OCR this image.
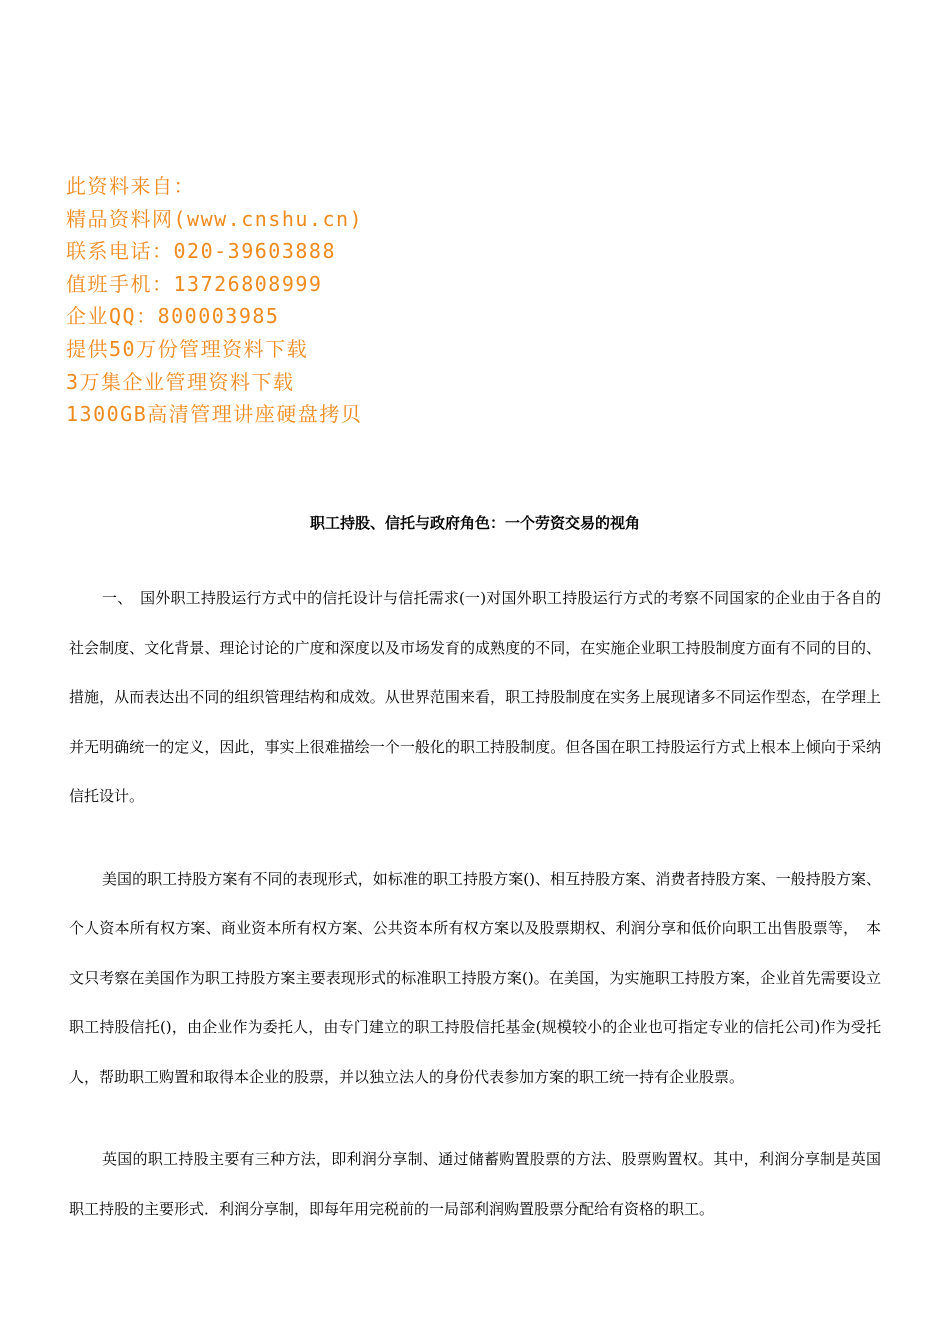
此资料来自：
精品资料网(www.cnshu.cn)
联系电话：020-39603888
值班手机：13726808999
企业QQ：800003985
提供50万份管理资料下载
3万集企业管理资料下载
1300GB高清管理讲座硬盘拷贝
职工持股、信托与政府角色：一个劳资交易的视角

一、　国外职工持股运行方式中的信托设计与信托需求(一)对国外职工持股运行方式的考察不同国家的企业由于各自的社会制度、文化背景、理论讨论的广度和深度以及市场发育的成熟度的不同，在实施企业职工持股制度方面有不同的目的、措施，从而表达出不同的组织管理结构和成效。从世界范围来看，职工持股制度在实务上展现诸多不同运作型态，在学理上并无明确统一的定义，因此，事实上很难描绘一个一般化的职工持股制度。但各国在职工持股运行方式上根本上倾向于采纳信托设计。

美国的职工持股方案有不同的表现形式，如标准的职工持股方案()、相互持股方案、消费者持股方案、一般持股方案、个人资本所有权方案、商业资本所有权方案、公共资本所有权方案以及股票期权、利润分享和低价向职工出售股票等，　本文只考察在美国作为职工持股方案主要表现形式的标准职工持股方案()。在美国，为实施职工持股方案，企业首先需要设立职工持股信托()，由企业作为委托人，由专门建立的职工持股信托基金(规模较小的企业也可指定专业的信托公司)作为受托人，帮助职工购置和取得本企业的股票，并以独立法人的身份代表参加方案的职工统一持有企业股票。

英国的职工持股主要有三种方法，即利润分享制、通过储蓄购置股票的方法、股票购置权。其中，利润分享制是英国职工持股的主要形式．利润分享制，即每年用完税前的一局部利润购置股票分配给有资格的职工。
